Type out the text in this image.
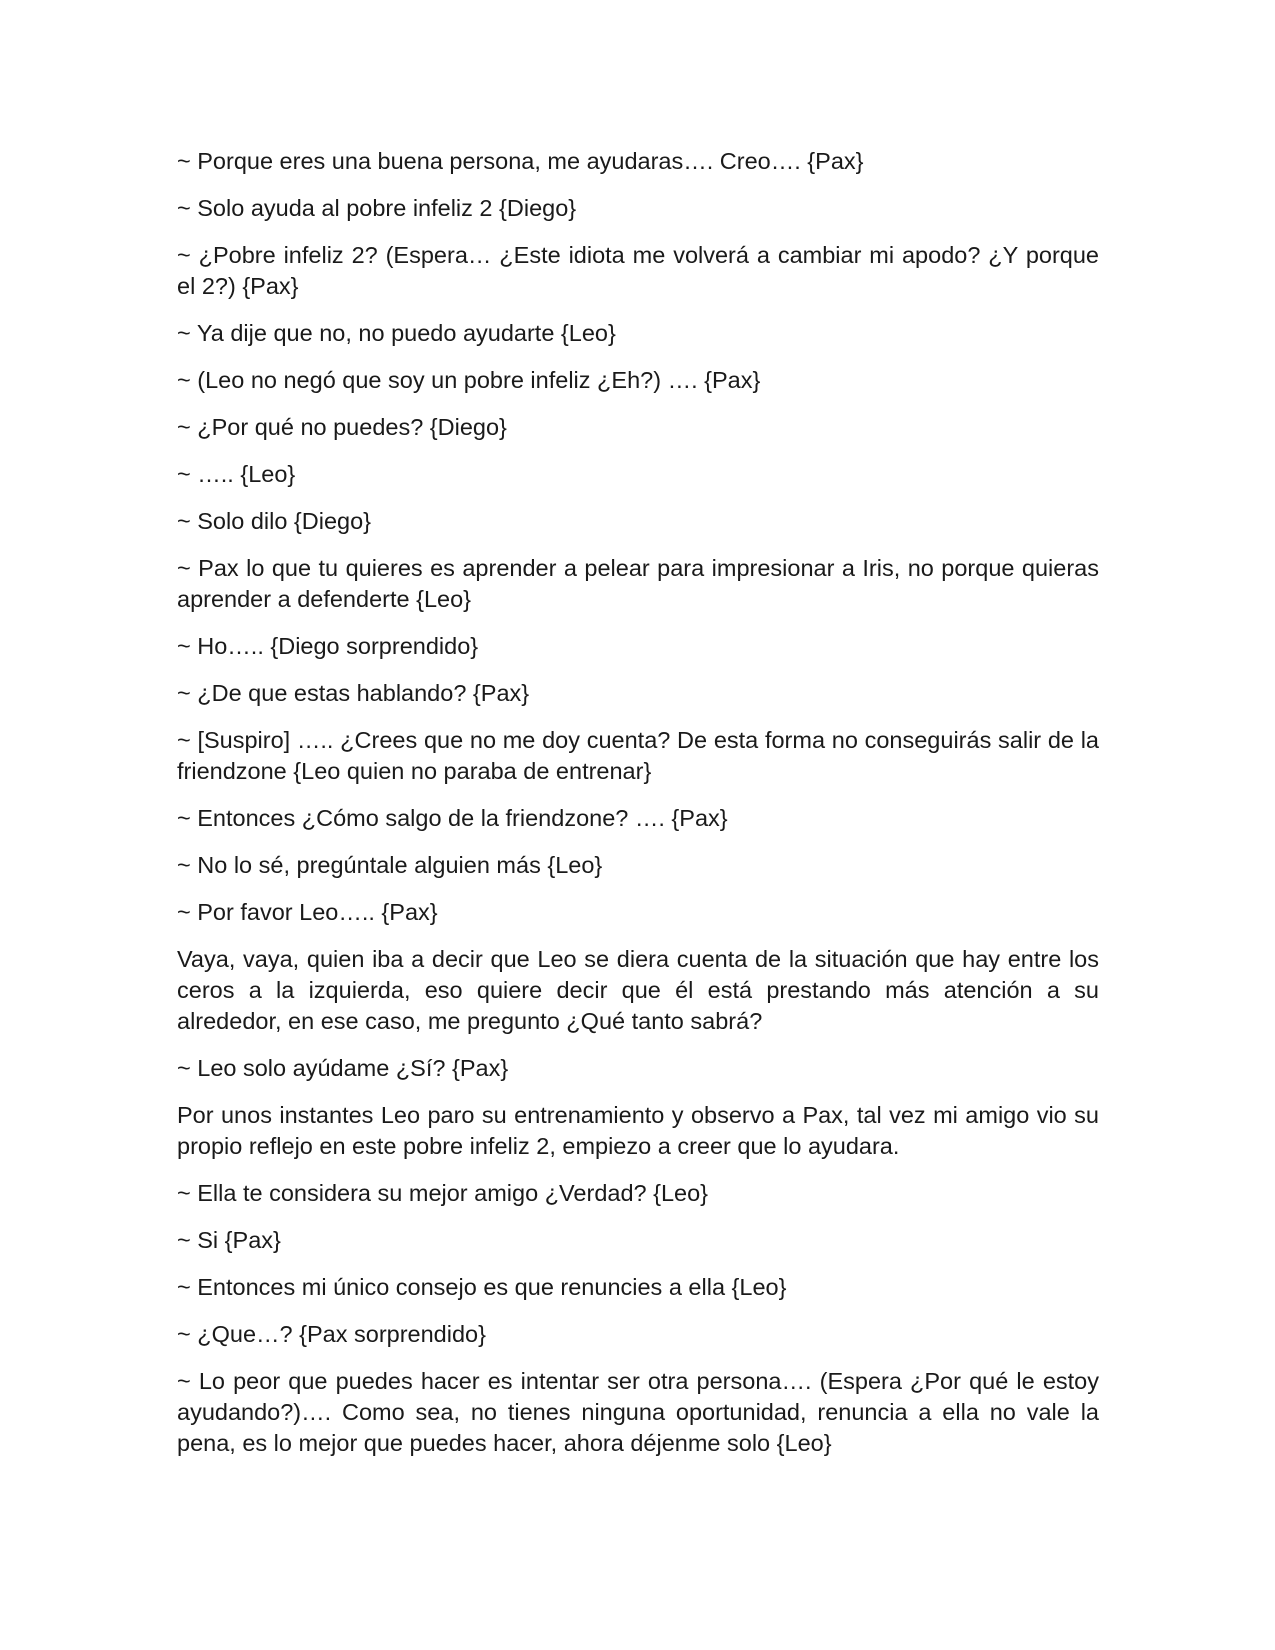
~ Porque eres una buena persona, me ayudaras…. Creo…. {Pax}

~ Solo ayuda al pobre infeliz 2 {Diego}

~ ¿Pobre infeliz 2? (Espera… ¿Este idiota me volverá a cambiar mi apodo? ¿Y porque el 2?) {Pax}

~ Ya dije que no, no puedo ayudarte {Leo}

~ (Leo no negó que soy un pobre infeliz ¿Eh?) …. {Pax}

~ ¿Por qué no puedes? {Diego}

~ ….. {Leo}

~ Solo dilo {Diego}

~ Pax lo que tu quieres es aprender a pelear para impresionar a Iris, no porque quieras aprender a defenderte {Leo}

~ Ho….. {Diego sorprendido}

~ ¿De que estas hablando? {Pax}

~ [Suspiro] ….. ¿Crees que no me doy cuenta? De esta forma no conseguirás salir de la friendzone {Leo quien no paraba de entrenar}

~ Entonces ¿Cómo salgo de la friendzone? …. {Pax}

~ No lo sé, pregúntale alguien más {Leo}

~ Por favor Leo….. {Pax}

Vaya, vaya, quien iba a decir que Leo se diera cuenta de la situación que hay entre los ceros a la izquierda, eso quiere decir que él está prestando más atención a su alrededor, en ese caso, me pregunto ¿Qué tanto sabrá?

~ Leo solo ayúdame ¿Sí? {Pax}

Por unos instantes Leo paro su entrenamiento y observo a Pax, tal vez mi amigo vio su propio reflejo en este pobre infeliz 2, empiezo a creer que lo ayudara.

~ Ella te considera su mejor amigo ¿Verdad? {Leo}

~ Si {Pax}

~ Entonces mi único consejo es que renuncies a ella {Leo}

~ ¿Que…? {Pax sorprendido}

~ Lo peor que puedes hacer es intentar ser otra persona…. (Espera ¿Por qué le estoy ayudando?)…. Como sea, no tienes ninguna oportunidad, renuncia a ella no vale la pena, es lo mejor que puedes hacer, ahora déjenme solo {Leo}
